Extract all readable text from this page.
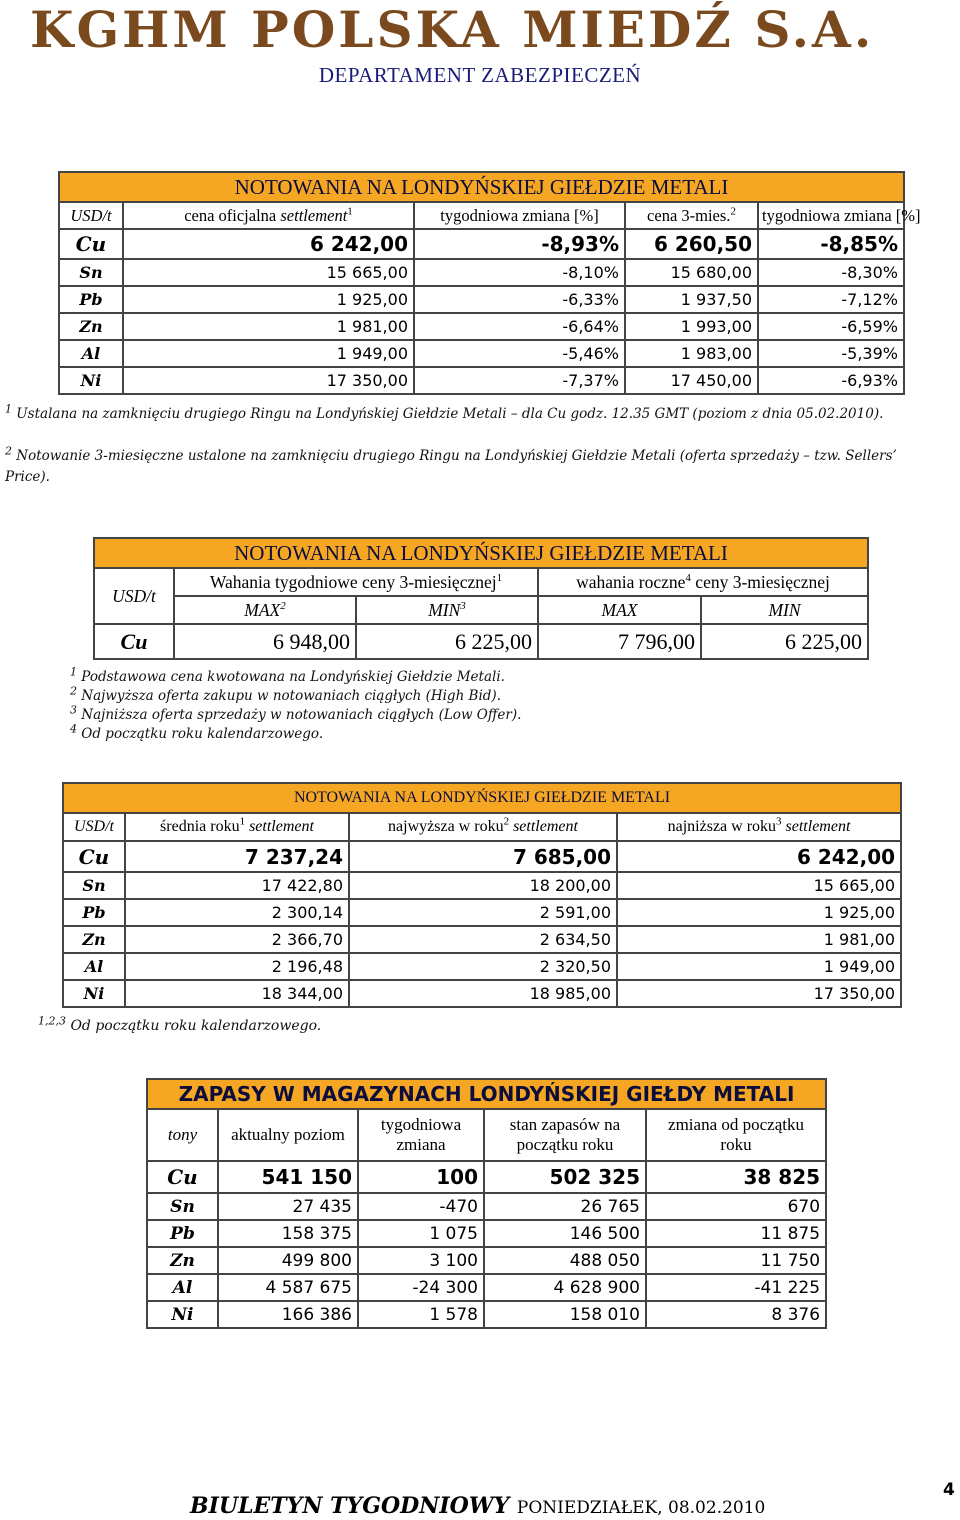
KGHM POLSKA MIEDŹ S.A.
DEPARTAMENT ZABEZPIECZEŃ
NOTOWANIA NA LONDYŃSKIEJ GIEŁDZIE METALI				
USD/t	cena oficjalna settlement$^1$	tygodniowa zmiana [%]	cena 3-mies.$^2$	tygodniowa zmiana [%]
Cu	6 242,00	-8,93%	6 260,50	-8,85%
Sn	15 665,00	-8,10%	15 680,00	-8,30%
Pb	1 925,00	-6,33%	1 937,50	-7,12%
Zn	1 981,00	-6,64%	1 993,00	-6,59%
Al	1 949,00	-5,46%	1 983,00	-5,39%
Ni	17 350,00	-7,37%	17 450,00	-6,93%
$^1$ Ustalana na zamknięciu drugiego Ringu na Londyńskiej Giełdzie Metali – dla Cu godz. 12.35 GMT (poziom z dnia 05.02.2010).
$^2$ Notowanie 3-miesięczne ustalone na zamknięciu drugiego Ringu na Londyńskiej Giełdzie Metali (oferta sprzedaży – tzw. Sellers’ Price).
NOTOWANIA NA LONDYŃSKIEJ GIEŁDZIE METALI				
USD/t	Wahania tygodniowe ceny 3-miesięcznej$^1$		wahania roczne$^4$ ceny 3-miesięcznej	
	MAX$^2$	MIN$^3$	MAX	MIN
Cu	6 948,00	6 225,00	7 796,00	6 225,00
$^1$ Podstawowa cena kwotowana na Londyńskiej Giełdzie Metali.
$^2$ Najwyższa oferta zakupu w notowaniach ciągłych (High Bid).
$^3$ Najniższa oferta sprzedaży w notowaniach ciągłych (Low Offer).
$^4$ Od początku roku kalendarzowego.
NOTOWANIA NA LONDYŃSKIEJ GIEŁDZIE METALI			
USD/t	średnia roku$^1$ settlement	najwyższa w roku$^2$ settlement	najniższa w roku$^3$ settlement
Cu	7 237,24	7 685,00	6 242,00
Sn	17 422,80	18 200,00	15 665,00
Pb	2 300,14	2 591,00	1 925,00
Zn	2 366,70	2 634,50	1 981,00
Al	2 196,48	2 320,50	1 949,00
Ni	18 344,00	18 985,00	17 350,00
$^{1,2,3}$ Od początku roku kalendarzowego.
ZAPASY W MAGAZYNACH LONDYŃSKIEJ GIEŁDY METALI				
tony	aktualny poziom	tygodniowa zmiana	stan zapasów na początku roku	zmiana od początku roku
Cu	541 150	100	502 325	38 825
Sn	27 435	-470	26 765	670
Pb	158 375	1 075	146 500	11 875
Zn	499 800	3 100	488 050	11 750
Al	4 587 675	-24 300	4 628 900	-41 225
Ni	166 386	1 578	158 010	8 376
BIULETYN TYGODNIOWY PONIEDZIAŁEK, 08.02.2010
4
